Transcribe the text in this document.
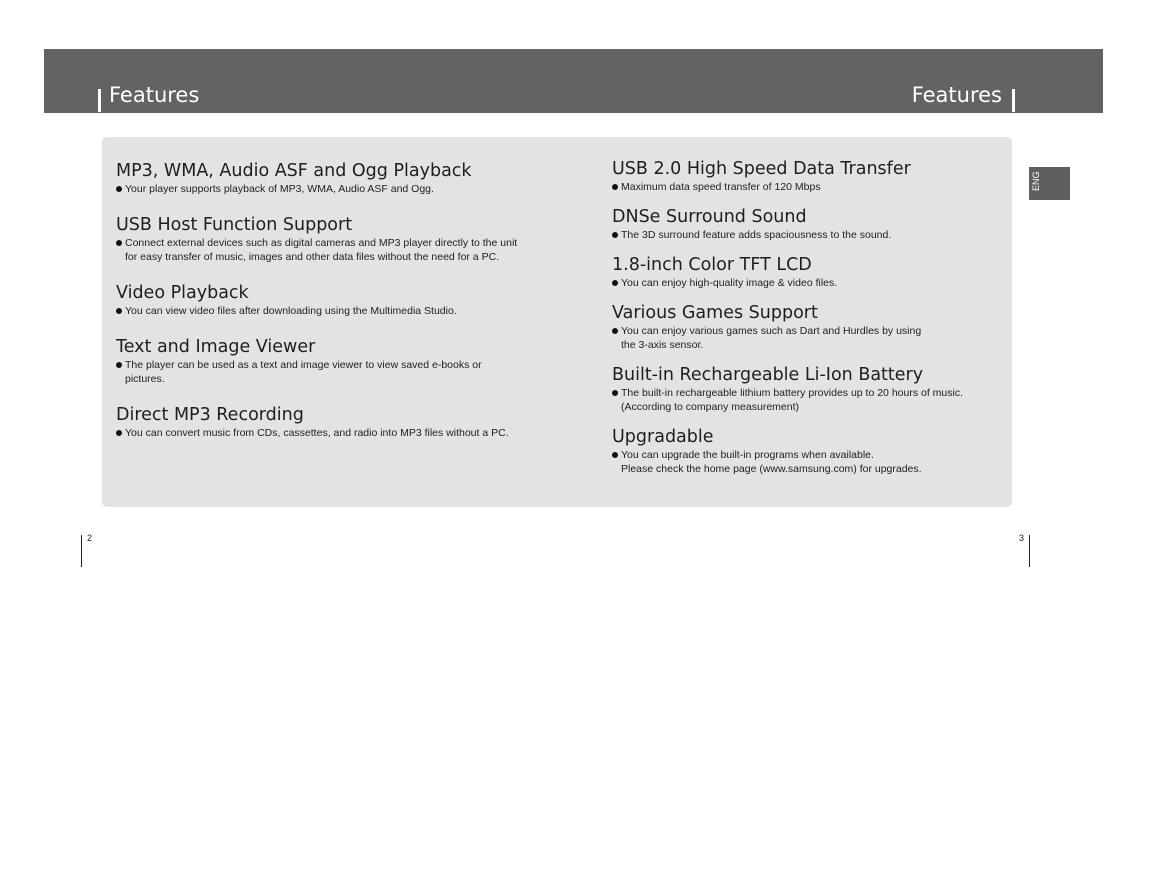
Features	Features
MP3, WMA, Audio ASF and Ogg Playback
Your player supports playback of MP3, WMA, Audio ASF and Ogg.
USB Host Function Support
Connect external devices such as digital cameras and MP3 player directly to the unit
for easy transfer of music, images and other data files without the need for a PC.
Video Playback
You can view video files after downloading using the Multimedia Studio.
Text and Image Viewer
The player can be used as a text and image viewer to view saved e-books or
pictures.
Direct MP3 Recording
You can convert music from CDs, cassettes, and radio into MP3 files without a PC.
USB 2.0 High Speed Data Transfer
Maximum data speed transfer of 120 Mbps
DNSe Surround Sound
The 3D surround feature adds spaciousness to the sound.
1.8-inch Color TFT LCD
You can enjoy high-quality image & video files.
Various Games Support
You can enjoy various games such as Dart and Hurdles by using
the 3-axis sensor.
Built-in Rechargeable Li-Ion Battery
The built-in rechargeable lithium battery provides up to 20 hours of music.
(According to company measurement)
Upgradable
You can upgrade the built-in programs when available.
Please check the home page (www.samsung.com) for upgrades.
ENG
2	3
